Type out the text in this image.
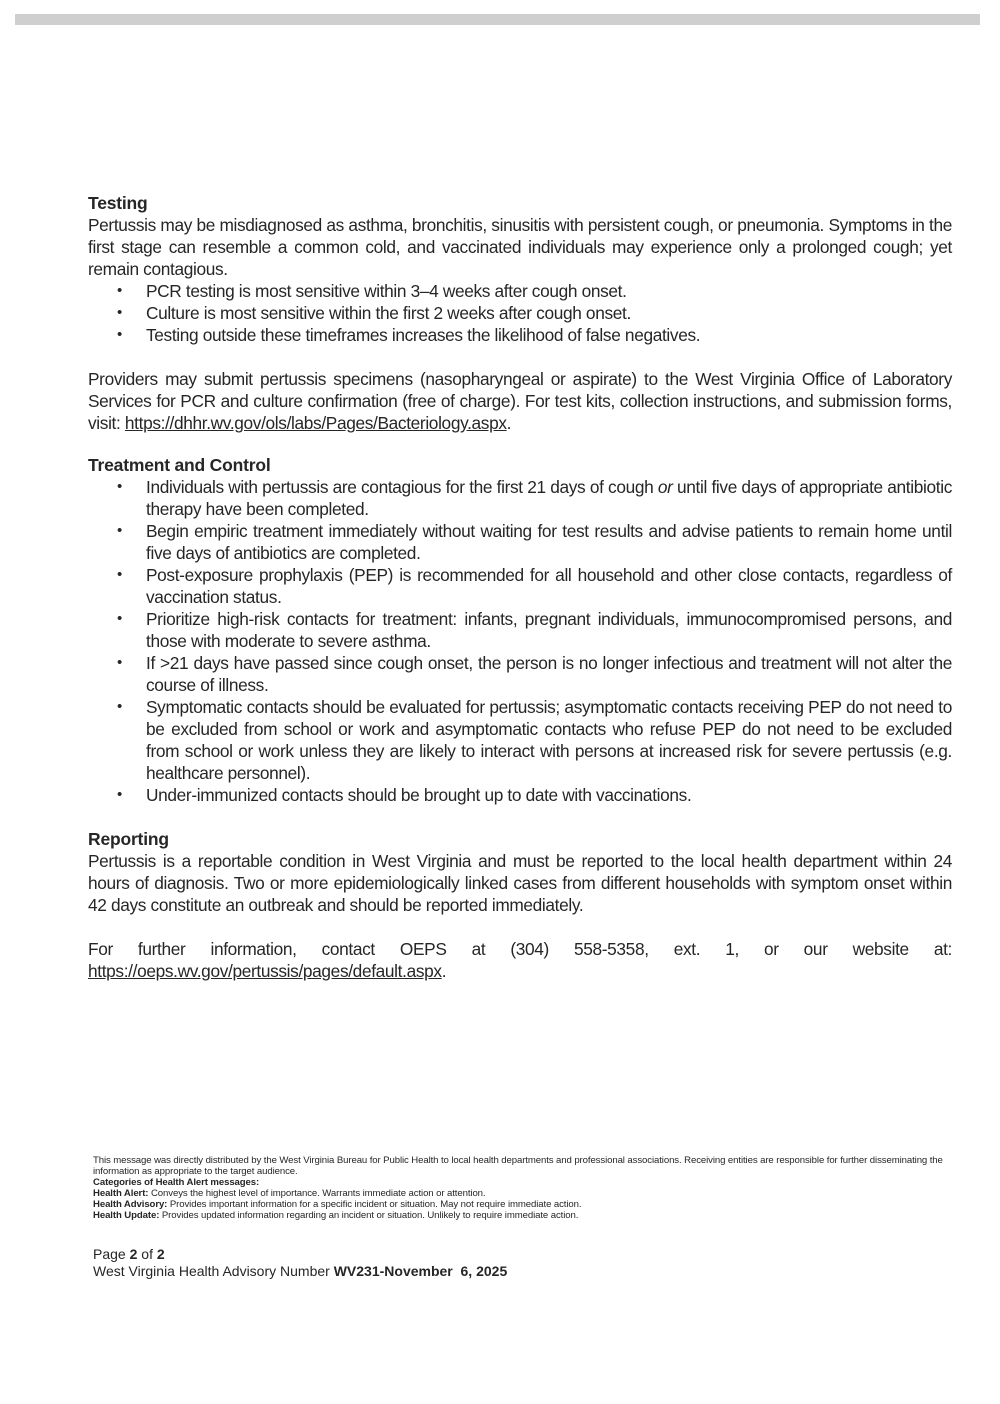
Testing

Pertussis may be misdiagnosed as asthma, bronchitis, sinusitis with persistent cough, or pneumonia. Symptoms in the first stage can resemble a common cold, and vaccinated individuals may experience only a prolonged cough; yet remain contagious.

• PCR testing is most sensitive within 3–4 weeks after cough onset.
• Culture is most sensitive within the first 2 weeks after cough onset.
• Testing outside these timeframes increases the likelihood of false negatives.

Providers may submit pertussis specimens (nasopharyngeal or aspirate) to the West Virginia Office of Laboratory Services for PCR and culture confirmation (free of charge). For test kits, collection instructions, and submission forms, visit: https://dhhr.wv.gov/ols/labs/Pages/Bacteriology.aspx.

Treatment and Control
• Individuals with pertussis are contagious for the first 21 days of cough or until five days of appropriate antibiotic therapy have been completed.
• Begin empiric treatment immediately without waiting for test results and advise patients to remain home until five days of antibiotics are completed.
• Post-exposure prophylaxis (PEP) is recommended for all household and other close contacts, regardless of vaccination status.
• Prioritize high-risk contacts for treatment: infants, pregnant individuals, immunocompromised persons, and those with moderate to severe asthma.
• If >21 days have passed since cough onset, the person is no longer infectious and treatment will not alter the course of illness.
• Symptomatic contacts should be evaluated for pertussis; asymptomatic contacts receiving PEP do not need to be excluded from school or work and asymptomatic contacts who refuse PEP do not need to be excluded from school or work unless they are likely to interact with persons at increased risk for severe pertussis (e.g. healthcare personnel).
• Under-immunized contacts should be brought up to date with vaccinations.
Reporting

Pertussis is a reportable condition in West Virginia and must be reported to the local health department within 24 hours of diagnosis. Two or more epidemiologically linked cases from different households with symptom onset within 42 days constitute an outbreak and should be reported immediately.

For further information, contact OEPS at (304) 558-5358, ext. 1, or our website at: https://oeps.wv.gov/pertussis/pages/default.aspx.

This message was directly distributed by the West Virginia Bureau for Public Health to local health departments and professional associations. Receiving entities are responsible for further disseminating the information as appropriate to the target audience.
Categories of Health Alert messages:
Health Alert: Conveys the highest level of importance. Warrants immediate action or attention.
Health Advisory: Provides important information for a specific incident or situation. May not require immediate action.
Health Update: Provides updated information regarding an incident or situation. Unlikely to require immediate action.
Page 2 of 2
West Virginia Health Advisory Number WV231-November  6, 2025
